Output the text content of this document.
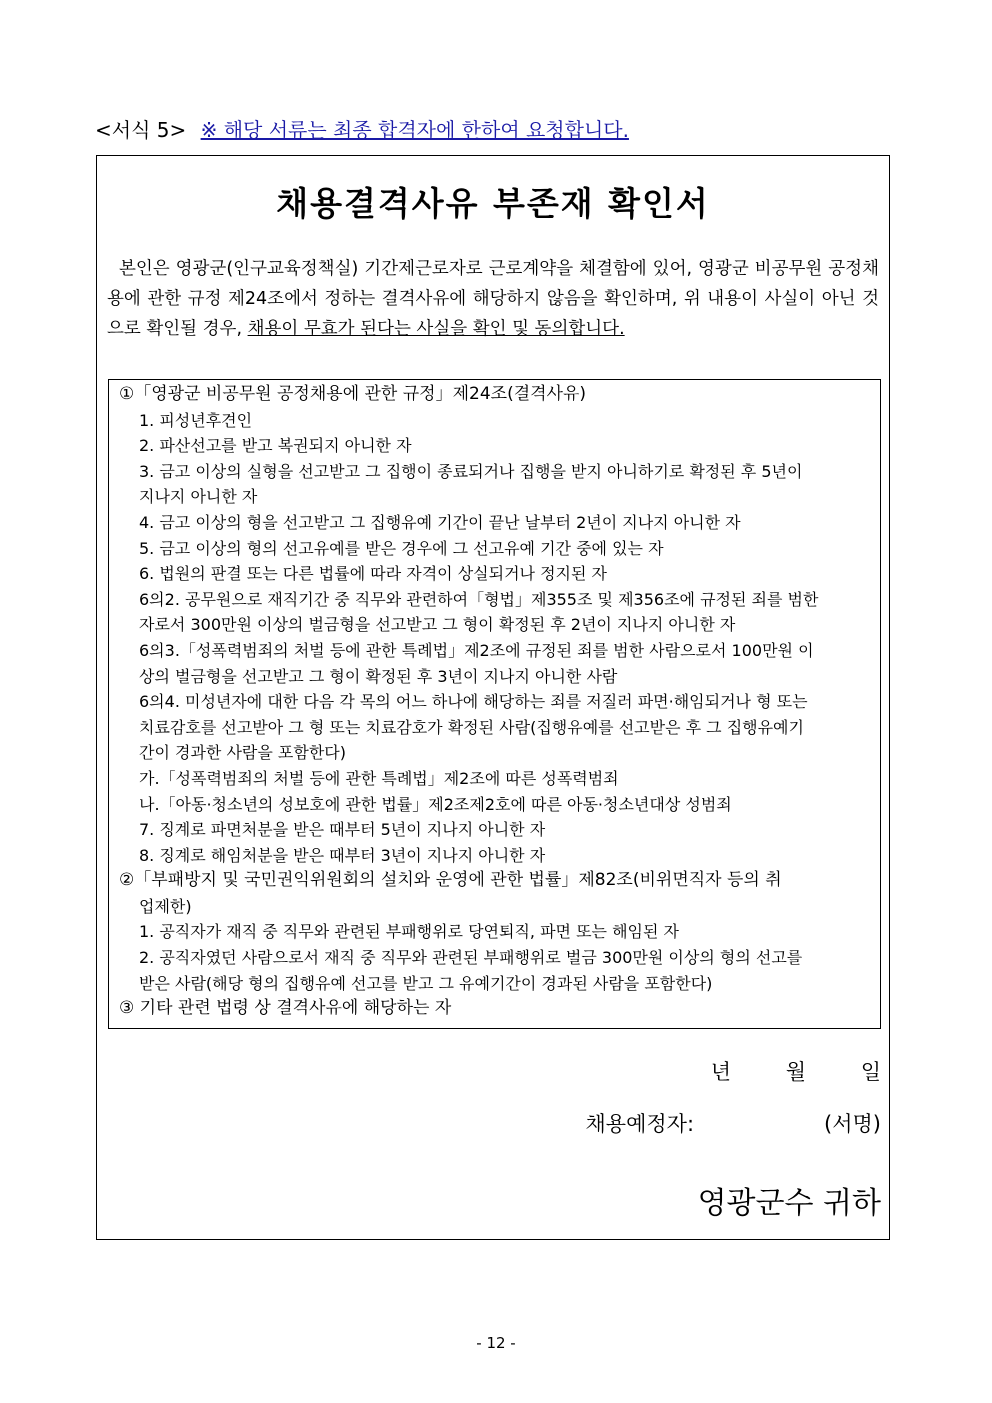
<서식 5> ※ 해당 서류는 최종 합격자에 한하여 요청합니다.
채용결격사유 부존재 확인서
본인은 영광군(인구교육정책실) 기간제근로자로 근로계약을 체결함에 있어, 영광군 비공무원 공정채용에 관한 규정 제24조에서 정하는 결격사유에 해당하지 않음을 확인하며, 위 내용이 사실이 아닌 것으로 확인될 경우, 채용이 무효가 된다는 사실을 확인 및 동의합니다.
①「영광군 비공무원 공정채용에 관한 규정」제24조(결격사유)
1. 피성년후견인
2. 파산선고를 받고 복권되지 아니한 자
3. 금고 이상의 실형을 선고받고 그 집행이 종료되거나 집행을 받지 아니하기로 확정된 후 5년이
지나지 아니한 자
4. 금고 이상의 형을 선고받고 그 집행유예 기간이 끝난 날부터 2년이 지나지 아니한 자
5. 금고 이상의 형의 선고유예를 받은 경우에 그 선고유예 기간 중에 있는 자
6. 법원의 판결 또는 다른 법률에 따라 자격이 상실되거나 정지된 자
6의2. 공무원으로 재직기간 중 직무와 관련하여「형법」제355조 및 제356조에 규정된 죄를 범한
자로서 300만원 이상의 벌금형을 선고받고 그 형이 확정된 후 2년이 지나지 아니한 자
6의3.「성폭력범죄의 처벌 등에 관한 특례법」제2조에 규정된 죄를 범한 사람으로서 100만원 이
상의 벌금형을 선고받고 그 형이 확정된 후 3년이 지나지 아니한 사람
6의4. 미성년자에 대한 다음 각 목의 어느 하나에 해당하는 죄를 저질러 파면·해임되거나 형 또는
치료감호를 선고받아 그 형 또는 치료감호가 확정된 사람(집행유예를 선고받은 후 그 집행유예기
간이 경과한 사람을 포함한다)
가.「성폭력범죄의 처벌 등에 관한 특례법」제2조에 따른 성폭력범죄
나.「아동·청소년의 성보호에 관한 법률」제2조제2호에 따른 아동·청소년대상 성범죄
7. 징계로 파면처분을 받은 때부터 5년이 지나지 아니한 자
8. 징계로 해임처분을 받은 때부터 3년이 지나지 아니한 자
②「부패방지 및 국민권익위원회의 설치와 운영에 관한 법률」제82조(비위면직자 등의 취
업제한)
1. 공직자가 재직 중 직무와 관련된 부패행위로 당연퇴직, 파면 또는 해임된 자
2. 공직자였던 사람으로서 재직 중 직무와 관련된 부패행위로 벌금 300만원 이상의 형의 선고를
받은 사람(해당 형의 집행유예 선고를 받고 그 유예기간이 경과된 사람을 포함한다)
③ 기타 관련 법령 상 결격사유에 해당하는 자
년	월	일
채용예정자:	(서명)
영광군수 귀하
- 12 -
